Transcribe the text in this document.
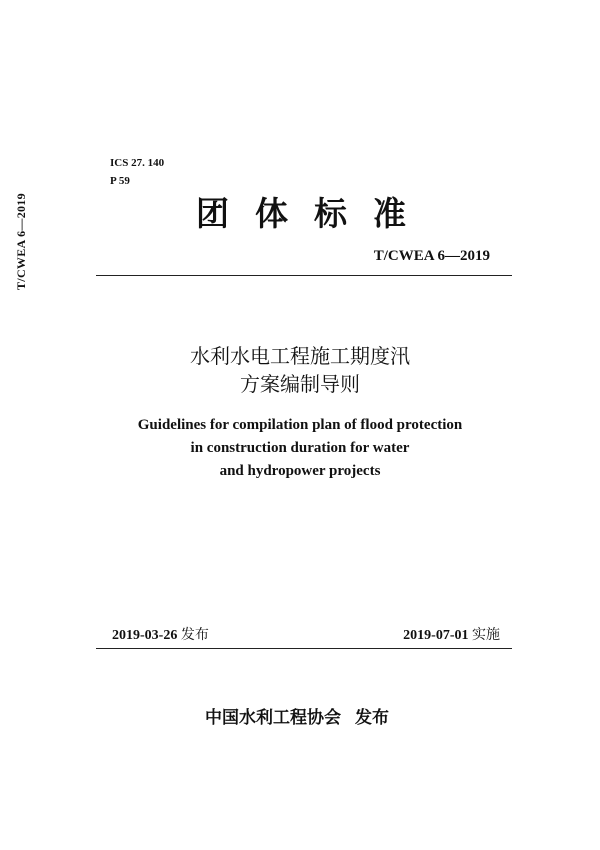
T/CWEA 6—2019
ICS 27. 140
P 59
团体标准
T/CWEA 6—2019
水利水电工程施工期度汛
方案编制导则
Guidelines for compilation plan of flood protection
in construction duration for water
and hydropower projects
2019-03-26 发布	2019-07-01 实施
中国水利工程协会 发布
